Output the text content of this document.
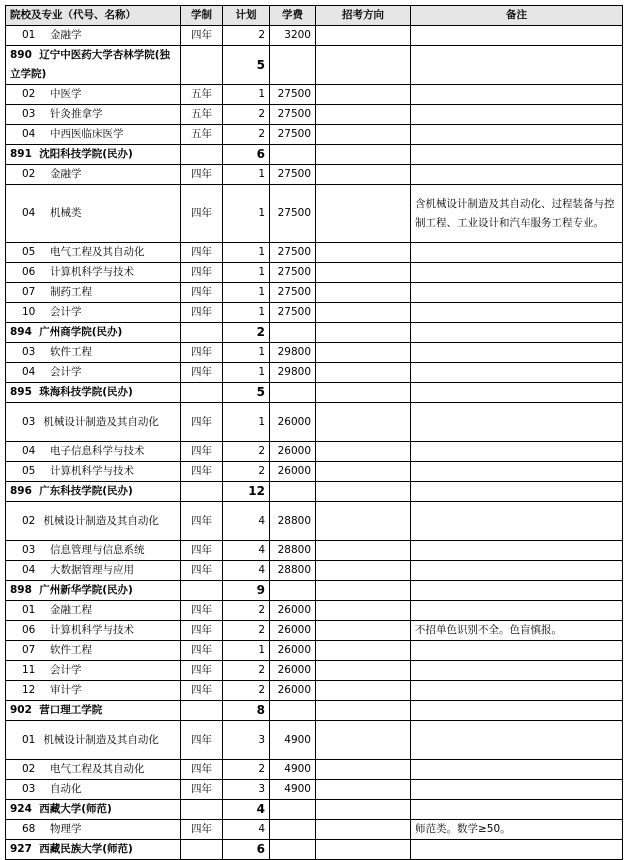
院校及专业（代号、名称）	学制	计划	学费	招考方向	备注
01 金融学	四年	2	3200		
890 辽宁中医药大学杏林学院(独立学院)		5			
02 中医学	五年	1	27500		
03 针灸推拿学	五年	2	27500		
04 中西医临床医学	五年	2	27500		
891 沈阳科技学院(民办)		6			
02 金融学	四年	1	27500		
04 机械类	四年	1	27500		含机械设计制造及其自动化、过程装备与控制工程、工业设计和汽车服务工程专业。
05 电气工程及其自动化	四年	1	27500		
06 计算机科学与技术	四年	1	27500		
07 制药工程	四年	1	27500		
10 会计学	四年	1	27500		
894 广州商学院(民办)		2			
03 软件工程	四年	1	29800		
04 会计学	四年	1	29800		
895 珠海科技学院(民办)		5			
03 机械设计制造及其自动化	四年	1	26000		
04 电子信息科学与技术	四年	2	26000		
05 计算机科学与技术	四年	2	26000		
896 广东科技学院(民办)		12			
02 机械设计制造及其自动化	四年	4	28800		
03 信息管理与信息系统	四年	4	28800		
04 大数据管理与应用	四年	4	28800		
898 广州新华学院(民办)		9			
01 金融工程	四年	2	26000		
06 计算机科学与技术	四年	2	26000		不招单色识别不全。色盲慎报。
07 软件工程	四年	1	26000		
11 会计学	四年	2	26000		
12 审计学	四年	2	26000		
902 营口理工学院		8			
01 机械设计制造及其自动化	四年	3	4900		
02 电气工程及其自动化	四年	2	4900		
03 自动化	四年	3	4900		
924 西藏大学(师范)		4			
68 物理学	四年	4			师范类。数学≥50。
927 西藏民族大学(师范)		6			
